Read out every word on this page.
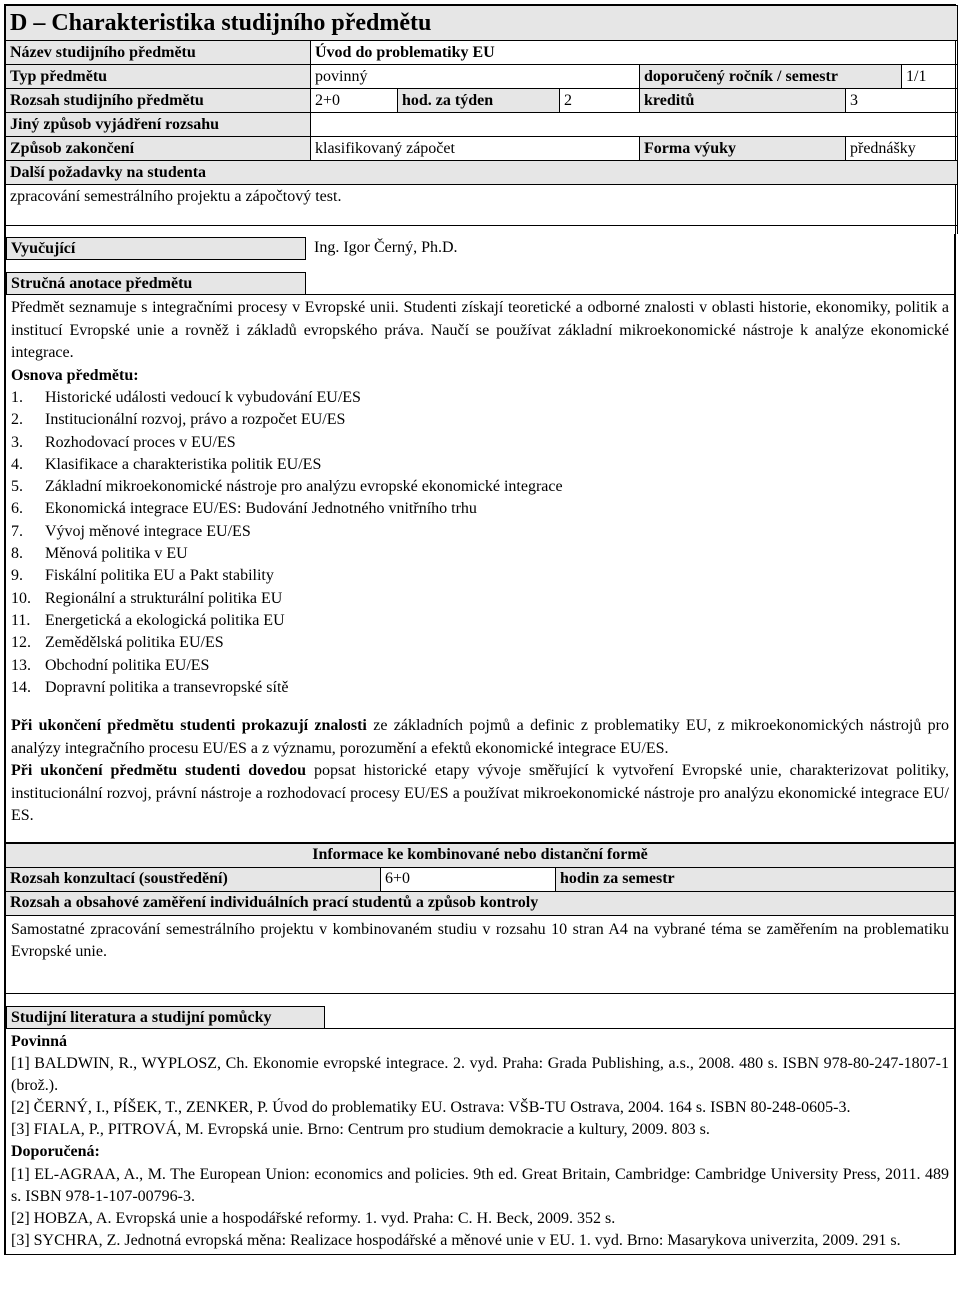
D – Charakteristika studijního předmětu						
Název studijního předmětu	Úvod do problematiky EU					
Typ předmětu	povinný			doporučený ročník / semestr		1/1
Rozsah studijního předmětu	2+0	hod. za týden	2	kreditů	3	
Jiný způsob vyjádření rozsahu						
Způsob zakončení	klasifikovaný zápočet			Forma výuky	přednášky	
Další požadavky na studenta						
zpracování semestrálního projektu a zápočtový test.						

Vyučující	Ing. Igor Černý, Ph.D.
Stručná anotace předmětu
Předmět seznamuje s integračními procesy v Evropské unii. Studenti získají teoretické a odborné znalosti v oblasti historie, ekonomiky, politik a institucí Evropské unie a rovněž i základů evropského práva. Naučí se používat základní mikroekonomické nástroje k analýze ekonomické integrace.
Osnova předmětu:
1.	Historické události vedoucí k vybudování EU/ES
2.	Institucionální rozvoj, právo a rozpočet EU/ES
3.	Rozhodovací proces v EU/ES
4.	Klasifikace a charakteristika politik EU/ES
5.	Základní mikroekonomické nástroje pro analýzu evropské ekonomické integrace
6.	Ekonomická integrace EU/ES: Budování Jednotného vnitřního trhu
7.	Vývoj měnové integrace EU/ES
8.	Měnová politika v EU
9.	Fiskální politika EU a Pakt stability
10. Regionální a strukturální politika EU
11. Energetická a ekologická politika EU
12. Zemědělská politika EU/ES
13. Obchodní politika EU/ES
14. Dopravní politika a transevropské sítě
Při ukončení předmětu studenti prokazují znalosti ze základních pojmů a definic z problematiky EU, z mikroekonomických nástrojů pro analýzy integračního procesu EU/ES a z významu, porozumění a efektů ekonomické integrace EU/ES.
Při ukončení předmětu studenti dovedou popsat historické etapy vývoje směřující k vytvoření Evropské unie, charakterizovat politiky, institucionální rozvoj, právní nástroje a rozhodovací procesy EU/ES a používat mikroekonomické nástroje pro analýzu ekonomické integrace EU/ ES.
Informace ke kombinované nebo distanční formě
Rozsah konzultací (soustředění)	6+0	hodin za semestr
Rozsah a obsahové zaměření individuálních prací studentů a způsob kontroly
Samostatné zpracování semestrálního projektu v kombinovaném studiu v rozsahu 10 stran A4 na vybrané téma se zaměřením na problematiku Evropské unie.
Studijní literatura a studijní pomůcky
Povinná

[1] BALDWIN, R., WYPLOSZ, Ch. Ekonomie evropské integrace. 2. vyd. Praha: Grada Publishing, a.s., 2008. 480 s. ISBN 978-80-247-1807-1 (brož.).

[2] ČERNÝ, I., PÍŠEK, T., ZENKER, P. Úvod do problematiky EU. Ostrava: VŠB-TU Ostrava, 2004. 164 s. ISBN 80-248-0605-3.

[3] FIALA, P., PITROVÁ, M. Evropská unie. Brno: Centrum pro studium demokracie a kultury, 2009. 803 s.

Doporučená:

[1] EL-AGRAA, A., M. The European Union: economics and policies. 9th ed. Great Britain, Cambridge: Cambridge University Press, 2011. 489 s. ISBN 978-1-107-00796-3.

[2] HOBZA, A. Evropská unie a hospodářské reformy. 1. vyd. Praha: C. H. Beck, 2009. 352 s.

[3] SYCHRA, Z. Jednotná evropská měna: Realizace hospodářské a měnové unie v EU. 1. vyd. Brno: Masarykova univerzita, 2009. 291 s.
